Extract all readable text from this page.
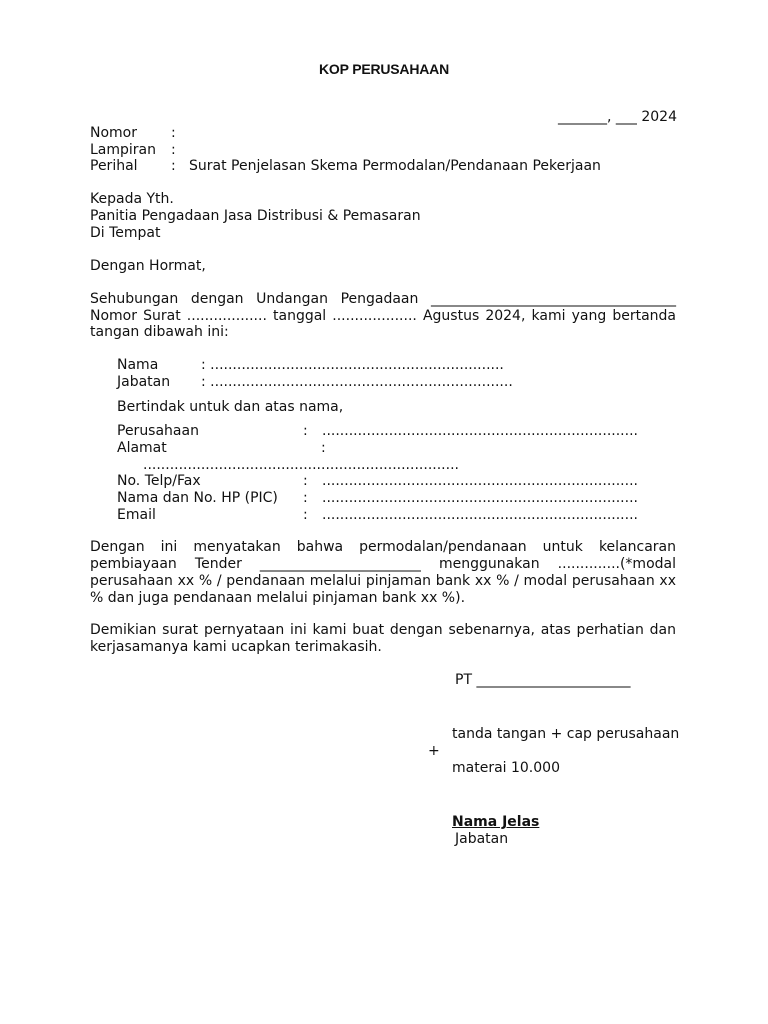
KOP PERUSAHAAN
_______, ___ 2024
Nomor :
Lampiran :
Perihal : Surat Penjelasan Skema Permodalan/Pendanaan Pekerjaan
Kepada Yth.
Panitia Pengadaan Jasa Distribusi & Pemasaran
Di Tempat
Dengan Hormat,
Sehubungan dengan Undangan Pengadaan ___________________________________
Nomor Surat .................. tanggal ................... Agustus 2024, kami yang bertanda
tangan dibawah ini:
Nama	: ..................................................................
Jabatan : ....................................................................
Bertindak untuk dan atas nama,
Perusahaan	: .......................................................................
Alamat	:
.......................................................................
No. Telp/Fax	: .......................................................................
Nama dan No. HP (PIC) : .......................................................................
Email	: .......................................................................
Dengan ini menyatakan bahwa permodalan/pendanaan untuk kelancaran
pembiayaan Tender _______________________ menggunakan ..............(*modal
perusahaan xx % / pendanaan melalui pinjaman bank xx % / modal perusahaan xx
% dan juga pendanaan melalui pinjaman bank xx %).
Demikian surat pernyataan ini kami buat dengan sebenarnya, atas perhatian dan
kerjasamanya kami ucapkan terimakasih.
PT ______________________
tanda tangan + cap perusahaan
+
materai 10.000
Nama Jelas
Jabatan
